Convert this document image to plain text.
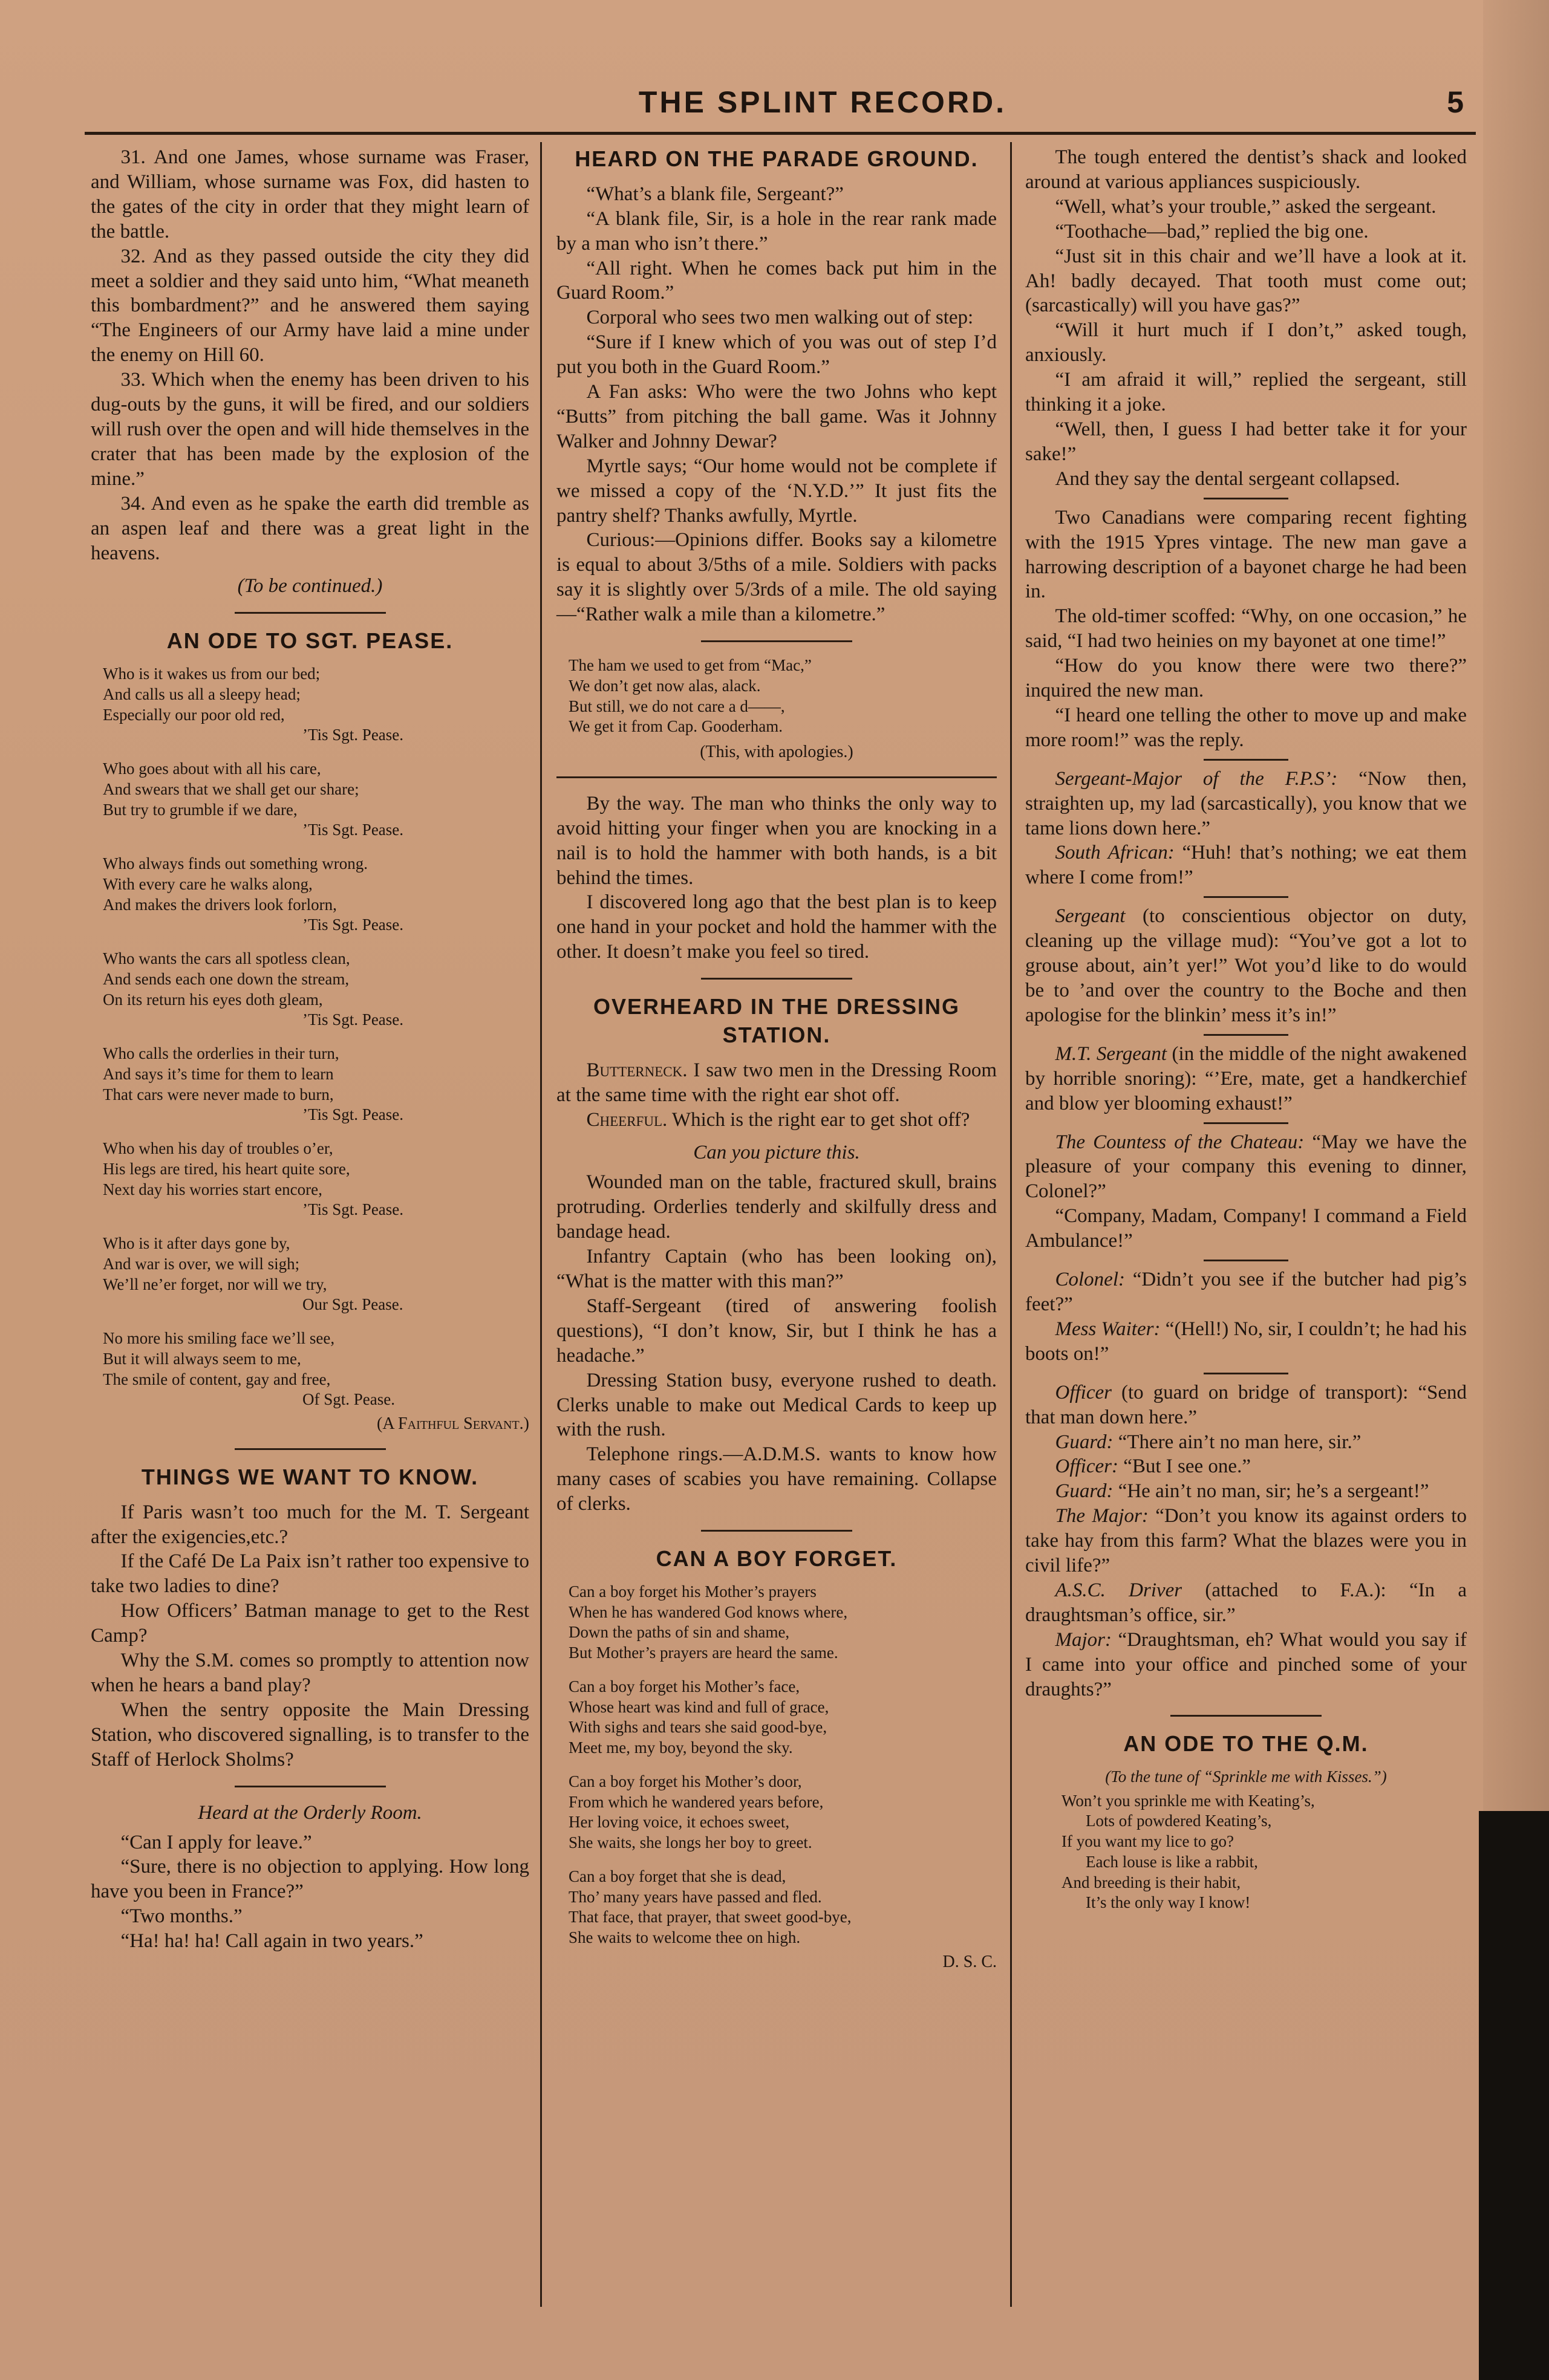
THE SPLINT RECORD.	5

31. And one James, whose surname was Fraser, and William, whose surname was Fox, did hasten to the gates of the city in order that they might learn of the battle.

32. And as they passed outside the city they did meet a soldier and they said unto him, “What meaneth this bombardment?” and he answered them saying “The Engineers of our Army have laid a mine under the enemy on Hill 60.

33. Which when the enemy has been driven to his dug-outs by the guns, it will be fired, and our soldiers will rush over the open and will hide themselves in the crater that has been made by the explosion of the mine.”

34. And even as he spake the earth did tremble as an aspen leaf and there was a great light in the heavens.

(To be continued.)
AN ODE TO SGT. PEASE.
Who is it wakes us from our bed;
And calls us all a sleepy head;
Especially our poor old red,
’Tis Sgt. Pease.
Who goes about with all his care,
And swears that we shall get our share;
But try to grumble if we dare,
’Tis Sgt. Pease.
Who always finds out something wrong.
With every care he walks along,
And makes the drivers look forlorn,
’Tis Sgt. Pease.
Who wants the cars all spotless clean,
And sends each one down the stream,
On its return his eyes doth gleam,
’Tis Sgt. Pease.
Who calls the orderlies in their turn,
And says it’s time for them to learn
That cars were never made to burn,
’Tis Sgt. Pease.
Who when his day of troubles o’er,
His legs are tired, his heart quite sore,
Next day his worries start encore,
’Tis Sgt. Pease.
Who is it after days gone by,
And war is over, we will sigh;
We’ll ne’er forget, nor will we try,
Our Sgt. Pease.
No more his smiling face we’ll see,
But it will always seem to me,
The smile of content, gay and free,
Of Sgt. Pease.
(A Faithful Servant.)
THINGS WE WANT TO KNOW.

If Paris wasn’t too much for the M. T. Sergeant after the exigencies,etc.?

If the Café De La Paix isn’t rather too expensive to take two ladies to dine?

How Officers’ Batman manage to get to the Rest Camp?

Why the S.M. comes so promptly to attention now when he hears a band play?

When the sentry opposite the Main Dressing Station, who discovered signalling, is to transfer to the Staff of Herlock Sholms?

Heard at the Orderly Room.

“Can I apply for leave.”

“Sure, there is no objection to applying. How long have you been in France?”

“Two months.”

“Ha! ha! ha! Call again in two years.”

HEARD ON THE PARADE GROUND.

“What’s a blank file, Sergeant?”

“A blank file, Sir, is a hole in the rear rank made by a man who isn’t there.”

“All right. When he comes back put him in the Guard Room.”

Corporal who sees two men walking out of step:

“Sure if I knew which of you was out of step I’d put you both in the Guard Room.”

A Fan asks: Who were the two Johns who kept “Butts” from pitching the ball game. Was it Johnny Walker and Johnny Dewar?

Myrtle says; “Our home would not be complete if we missed a copy of the ‘N.Y.D.’” It just fits the pantry shelf? Thanks awfully, Myrtle.

Curious:—Opinions differ. Books say a kilometre is equal to about 3/5ths of a mile. Soldiers with packs say it is slightly over 5/3rds of a mile. The old saying—“Rather walk a mile than a kilometre.”

The ham we used to get from “Mac,”
We don’t get now alas, alack.
But still, we do not care a d——,
We get it from Cap. Gooderham.
(This, with apologies.)

By the way. The man who thinks the only way to avoid hitting your finger when you are knocking in a nail is to hold the hammer with both hands, is a bit behind the times.

I discovered long ago that the best plan is to keep one hand in your pocket and hold the hammer with the other. It doesn’t make you feel so tired.

OVERHEARD IN THE DRESSING STATION.

Butterneck. I saw two men in the Dressing Room at the same time with the right ear shot off.

Cheerful. Which is the right ear to get shot off?

Can you picture this.

Wounded man on the table, fractured skull, brains protruding. Orderlies tenderly and skilfully dress and bandage head.

Infantry Captain (who has been looking on), “What is the matter with this man?”

Staff-Sergeant (tired of answering foolish questions), “I don’t know, Sir, but I think he has a headache.”

Dressing Station busy, everyone rushed to death. Clerks unable to make out Medical Cards to keep up with the rush.

Telephone rings.—A.D.M.S. wants to know how many cases of scabies you have remaining. Collapse of clerks.

CAN A BOY FORGET.
Can a boy forget his Mother’s prayers
When he has wandered God knows where,
Down the paths of sin and shame,
But Mother’s prayers are heard the same.
Can a boy forget his Mother’s face,
Whose heart was kind and full of grace,
With sighs and tears she said good-bye,
Meet me, my boy, beyond the sky.
Can a boy forget his Mother’s door,
From which he wandered years before,
Her loving voice, it echoes sweet,
She waits, she longs her boy to greet.
Can a boy forget that she is dead,
Tho’ many years have passed and fled.
That face, that prayer, that sweet good-bye,
She waits to welcome thee on high.
D. S. C.

The tough entered the dentist’s shack and looked around at various appliances suspiciously.

“Well, what’s your trouble,” asked the sergeant.

“Toothache—bad,” replied the big one.

“Just sit in this chair and we’ll have a look at it. Ah! badly decayed. That tooth must come out; (sarcastically) will you have gas?”

“Will it hurt much if I don’t,” asked tough, anxiously.

“I am afraid it will,” replied the sergeant, still thinking it a joke.

“Well, then, I guess I had better take it for your sake!”

And they say the dental sergeant collapsed.

Two Canadians were comparing recent fighting with the 1915 Ypres vintage. The new man gave a harrowing description of a bayonet charge he had been in.

The old-timer scoffed: “Why, on one occasion,” he said, “I had two heinies on my bayonet at one time!”

“How do you know there were two there?” inquired the new man.

“I heard one telling the other to move up and make more room!” was the reply.

Sergeant-Major of the F.P.S’: “Now then, straighten up, my lad (sarcastically), you know that we tame lions down here.”

South African: “Huh! that’s nothing; we eat them where I come from!”

Sergeant (to conscientious objector on duty, cleaning up the village mud): “You’ve got a lot to grouse about, ain’t yer!” Wot you’d like to do would be to ’and over the country to the Boche and then apologise for the blinkin’ mess it’s in!”

M.T. Sergeant (in the middle of the night awakened by horrible snoring): “’Ere, mate, get a handkerchief and blow yer blooming exhaust!”

The Countess of the Chateau: “May we have the pleasure of your company this evening to dinner, Colonel?”

“Company, Madam, Company! I command a Field Ambulance!”

Colonel: “Didn’t you see if the butcher had pig’s feet?”

Mess Waiter: “(Hell!) No, sir, I couldn’t; he had his boots on!”

Officer (to guard on bridge of transport): “Send that man down here.”

Guard: “There ain’t no man here, sir.”

Officer: “But I see one.”

Guard: “He ain’t no man, sir; he’s a sergeant!”

The Major: “Don’t you know its against orders to take hay from this farm? What the blazes were you in civil life?”

A.S.C. Driver (attached to F.A.): “In a draughtsman’s office, sir.”

Major: “Draughtsman, eh? What would you say if I came into your office and pinched some of your draughts?”

AN ODE TO THE Q.M.
(To the tune of “Sprinkle me with Kisses.”)
Won’t you sprinkle me with Keating’s,
Lots of powdered Keating’s,
If you want my lice to go?
Each louse is like a rabbit,
And breeding is their habit,
It’s the only way I know!
